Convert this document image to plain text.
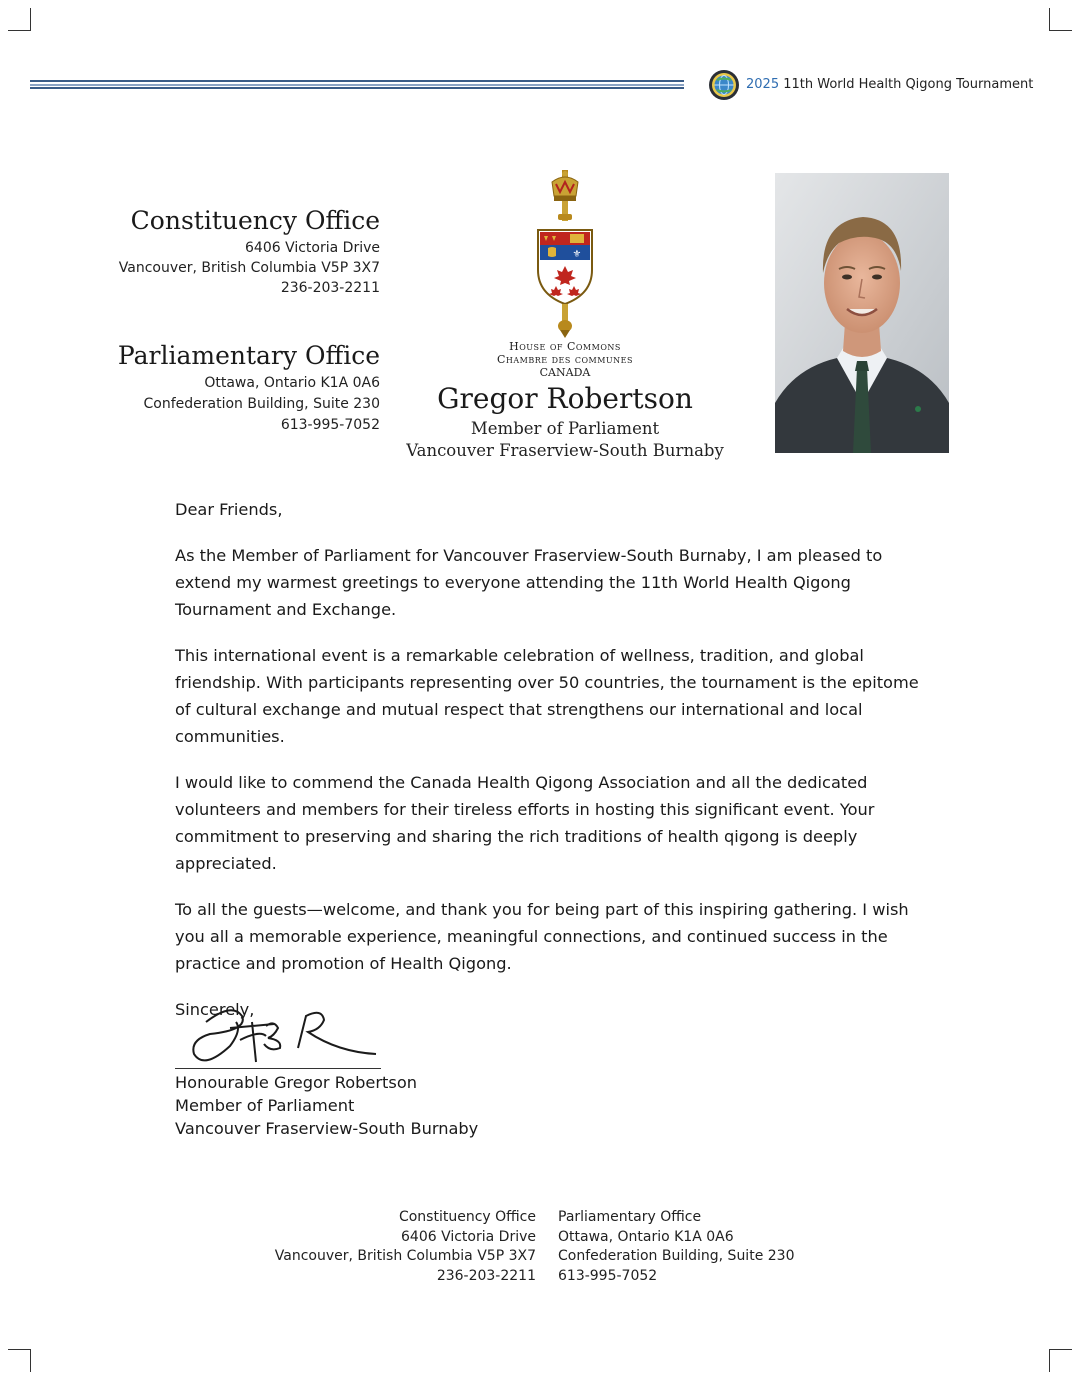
2025 11th World Health Qigong Tournament
Constituency Office
6406 Victoria Drive
Vancouver, British Columbia V5P 3X7
236-203-2211
Parliamentary Office
Ottawa, Ontario K1A 0A6
Confederation Building, Suite 230
613-995-7052
⚜
House of Commons
Chambre des communes
CANADA
Gregor Robertson
Member of Parliament
Vancouver Fraserview-South Burnaby

Dear Friends,

As the Member of Parliament for Vancouver Fraserview-South Burnaby, I am pleased to extend my warmest greetings to everyone attending the 11th World Health Qigong Tournament and Exchange.

This international event is a remarkable celebration of wellness, tradition, and global friendship. With participants representing over 50 countries, the tournament is the epitome of cultural exchange and mutual respect that strengthens our international and local communities.

I would like to commend the Canada Health Qigong Association and all the dedicated volunteers and members for their tireless efforts in hosting this significant event. Your commitment to preserving and sharing the rich traditions of health qigong is deeply appreciated.

To all the guests—welcome, and thank you for being part of this inspiring gathering. I wish you all a memorable experience, meaningful connections, and continued success in the practice and promotion of Health Qigong.

Sincerely,

Honourable Gregor Robertson
Member of Parliament
Vancouver Fraserview-South Burnaby
Constituency Office
6406 Victoria Drive
Vancouver, British Columbia V5P 3X7
236-203-2211
Parliamentary Office
Ottawa, Ontario K1A 0A6
Confederation Building, Suite 230
613-995-7052
